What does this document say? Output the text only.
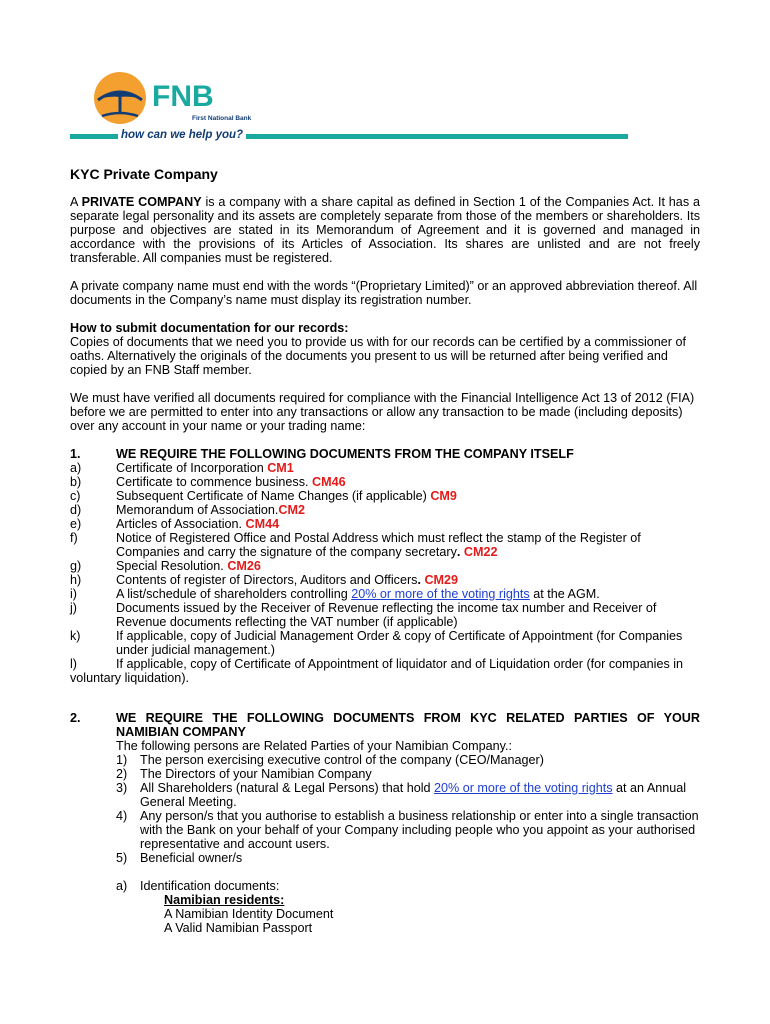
FNB
First National Bank
how can we help you?
KYC Private Company

A PRIVATE COMPANY is a company with a share capital as defined in Section 1 of the Companies Act. It has a separate legal personality and its assets are completely separate from those of the members or shareholders. Its purpose and objectives are stated in its Memorandum of Agreement and it is governed and managed in accordance with the provisions of its Articles of Association. Its shares are unlisted and are not freely transferable. All companies must be registered.

A private company name must end with the words “(Proprietary Limited)” or an approved abbreviation thereof. All documents in the Company’s name must display its registration number.

How to submit documentation for our records:
Copies of documents that we need you to provide us with for our records can be certified by a commissioner of oaths. Alternatively the originals of the documents you present to us will be returned after being verified and copied by an FNB Staff member.

We must have verified all documents required for compliance with the Financial Intelligence Act 13 of 2012 (FIA) before we are permitted to enter into any transactions or allow any transaction to be made (including deposits) over any account in your name or your trading name:

1.	WE REQUIRE THE FOLLOWING DOCUMENTS FROM THE COMPANY ITSELF
a)	Certificate of Incorporation CM1
b)	Certificate to commence business. CM46
c)	Subsequent Certificate of Name Changes (if applicable) CM9
d)	Memorandum of Association.CM2
e)	Articles of Association. CM44
f)	Notice of Registered Office and Postal Address which must reflect the stamp of the Register of Companies and carry the signature of the company secretary. CM22
g)	Special Resolution. CM26
h)	Contents of register of Directors, Auditors and Officers. CM29
i)	A list/schedule of shareholders controlling 20% or more of the voting rights at the AGM.
j)	Documents issued by the Receiver of Revenue reflecting the income tax number and Receiver of Revenue documents reflecting the VAT number (if applicable)
k)	If applicable, copy of Judicial Management Order & copy of Certificate of Appointment (for Companies under judicial management.)
l)	If applicable, copy of Certificate of Appointment of liquidator and of Liquidation order (for companies in voluntary liquidation).
2.	WE REQUIRE THE FOLLOWING DOCUMENTS FROM KYC RELATED PARTIES OF YOUR NAMIBIAN COMPANY
The following persons are Related Parties of your Namibian Company.:
1)	The person exercising executive control of the company (CEO/Manager)
2)	The Directors of your Namibian Company
3)	All Shareholders (natural & Legal Persons) that hold 20% or more of the voting rights at an Annual General Meeting.
4)	Any person/s that you authorise to establish a business relationship or enter into a single transaction with the Bank on your behalf of your Company including people who you appoint as your authorised representative and account users.
5)	Beneficial owner/s
a)	Identification documents:
Namibian residents:
A Namibian Identity Document
A Valid Namibian Passport
